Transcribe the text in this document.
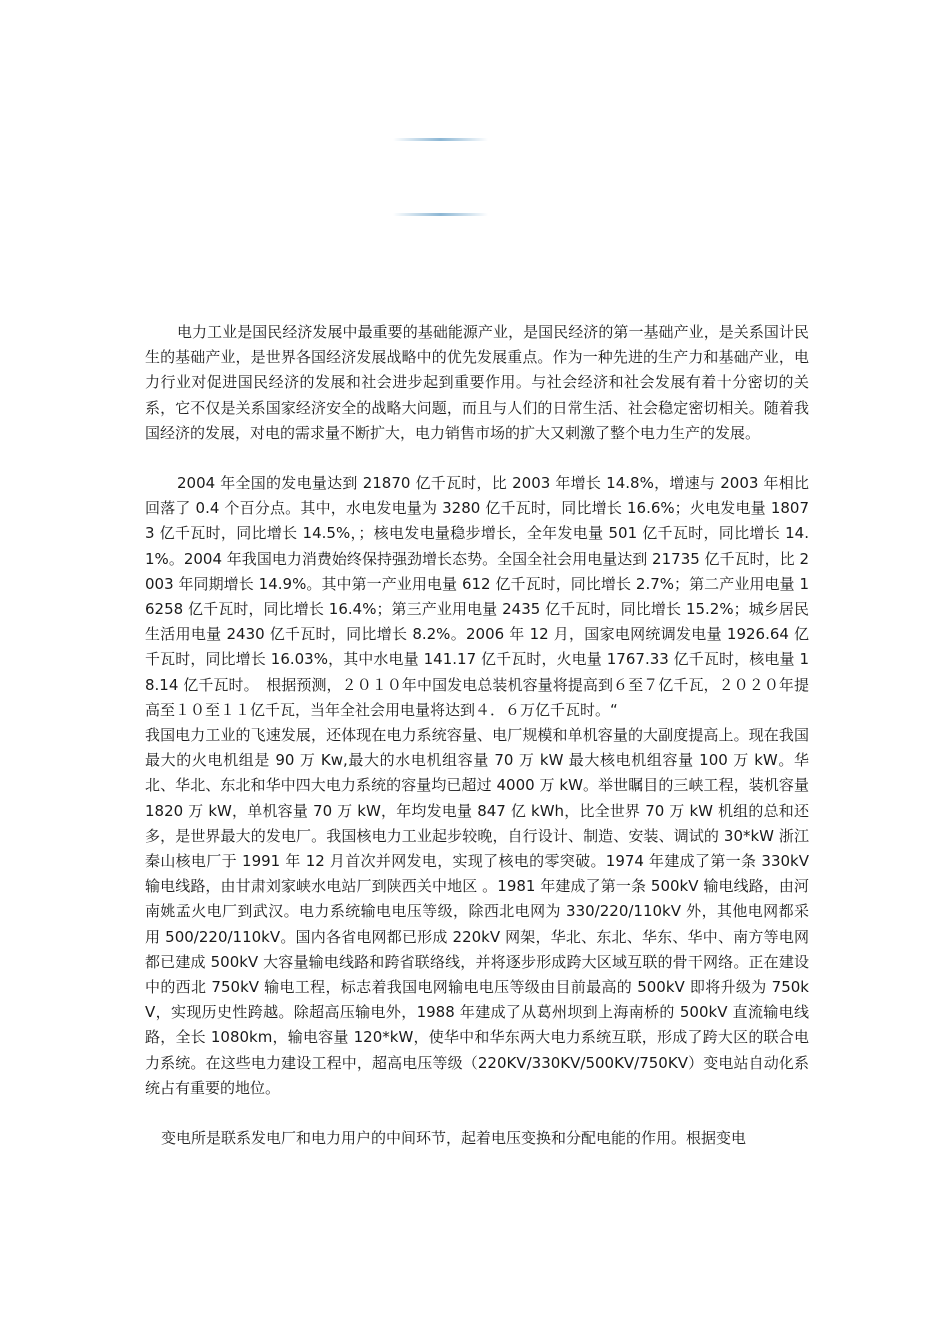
电力工业是国民经济发展中最重要的基础能源产业，是国民经济的第一基础产业，是关系国计民生的基础产业，是世界各国经济发展战略中的优先发展重点。作为一种先进的生产力和基础产业，电力行业对促进国民经济的发展和社会进步起到重要作用。与社会经济和社会发展有着十分密切的关系，它不仅是关系国家经济安全的战略大问题，而且与人们的日常生活、社会稳定密切相关。随着我国经济的发展，对电的需求量不断扩大，电力销售市场的扩大又刺激了整个电力生产的发展。

2004 年全国的发电量达到 21870 亿千瓦时，比 2003 年增长 14.8%，增速与 2003 年相比回落了 0.4 个百分点。其中，水电发电量为 3280 亿千瓦时，同比增长 16.6%；火电发电量 18073 亿千瓦时，同比增长 14.5%，；核电发电量稳步增长，全年发电量 501 亿千瓦时，同比增长 14.1%。2004 年我国电力消费始终保持强劲增长态势。全国全社会用电量达到 21735 亿千瓦时，比 2003 年同期增长 14.9%。其中第一产业用电量 612 亿千瓦时，同比增长 2.7%；第二产业用电量 16258 亿千瓦时，同比增长 16.4%；第三产业用电量 2435 亿千瓦时，同比增长 15.2%；城乡居民生活用电量 2430 亿千瓦时，同比增长 8.2%。2006 年 12 月，国家电网统调发电量 1926.64 亿千瓦时，同比增长 16.03%，其中水电量 141.17 亿千瓦时，火电量 1767.33 亿千瓦时，核电量 18.14 亿千瓦时。　根据预测，２０１０年中国发电总装机容量将提高到６至７亿千瓦，２０２０年提高至１０至１１亿千瓦，当年全社会用电量将达到４．６万亿千瓦时。“

我国电力工业的飞速发展，还体现在电力系统容量、电厂规模和单机容量的大副度提高上。现在我国最大的火电机组是 90 万 Kw,最大的水电机组容量 70 万 kW 最大核电机组容量 100 万 kW。华北、华北、东北和华中四大电力系统的容量均已超过 4000 万 kW。举世瞩目的三峡工程，装机容量 1820 万 kW，单机容量 70 万 kW，年均发电量 847 亿 kWh，比全世界 70 万 kW 机组的总和还多，是世界最大的发电厂。我国核电力工业起步较晚，自行设计、制造、安装、调试的 30*kW 浙江秦山核电厂于 1991 年 12 月首次并网发电，实现了核电的零突破。1974 年建成了第一条 330kV 输电线路，由甘肃刘家峡水电站厂到陕西关中地区 。1981 年建成了第一条 500kV 输电线路，由河南姚孟火电厂到武汉。电力系统输电电压等级，除西北电网为 330/220/110kV 外，其他电网都采用 500/220/110kV。国内各省电网都已形成 220kV 网架，华北、东北、华东、华中、南方等电网都已建成 500kV 大容量输电线路和跨省联络线，并将逐步形成跨大区域互联的骨干网络。正在建设中的西北 750kV 输电工程，标志着我国电网输电电压等级由目前最高的 500kV 即将升级为 750kV，实现历史性跨越。除超高压输电外，1988 年建成了从葛州坝到上海南桥的 500kV 直流输电线路，全长 1080km，输电容量 120*kW，使华中和华东两大电力系统互联，形成了跨大区的联合电力系统。在这些电力建设工程中，超高电压等级（220KV/330KV/500KV/750KV）变电站自动化系统占有重要的地位。

变电所是联系发电厂和电力用户的中间环节，起着电压变换和分配电能的作用。根据变电
